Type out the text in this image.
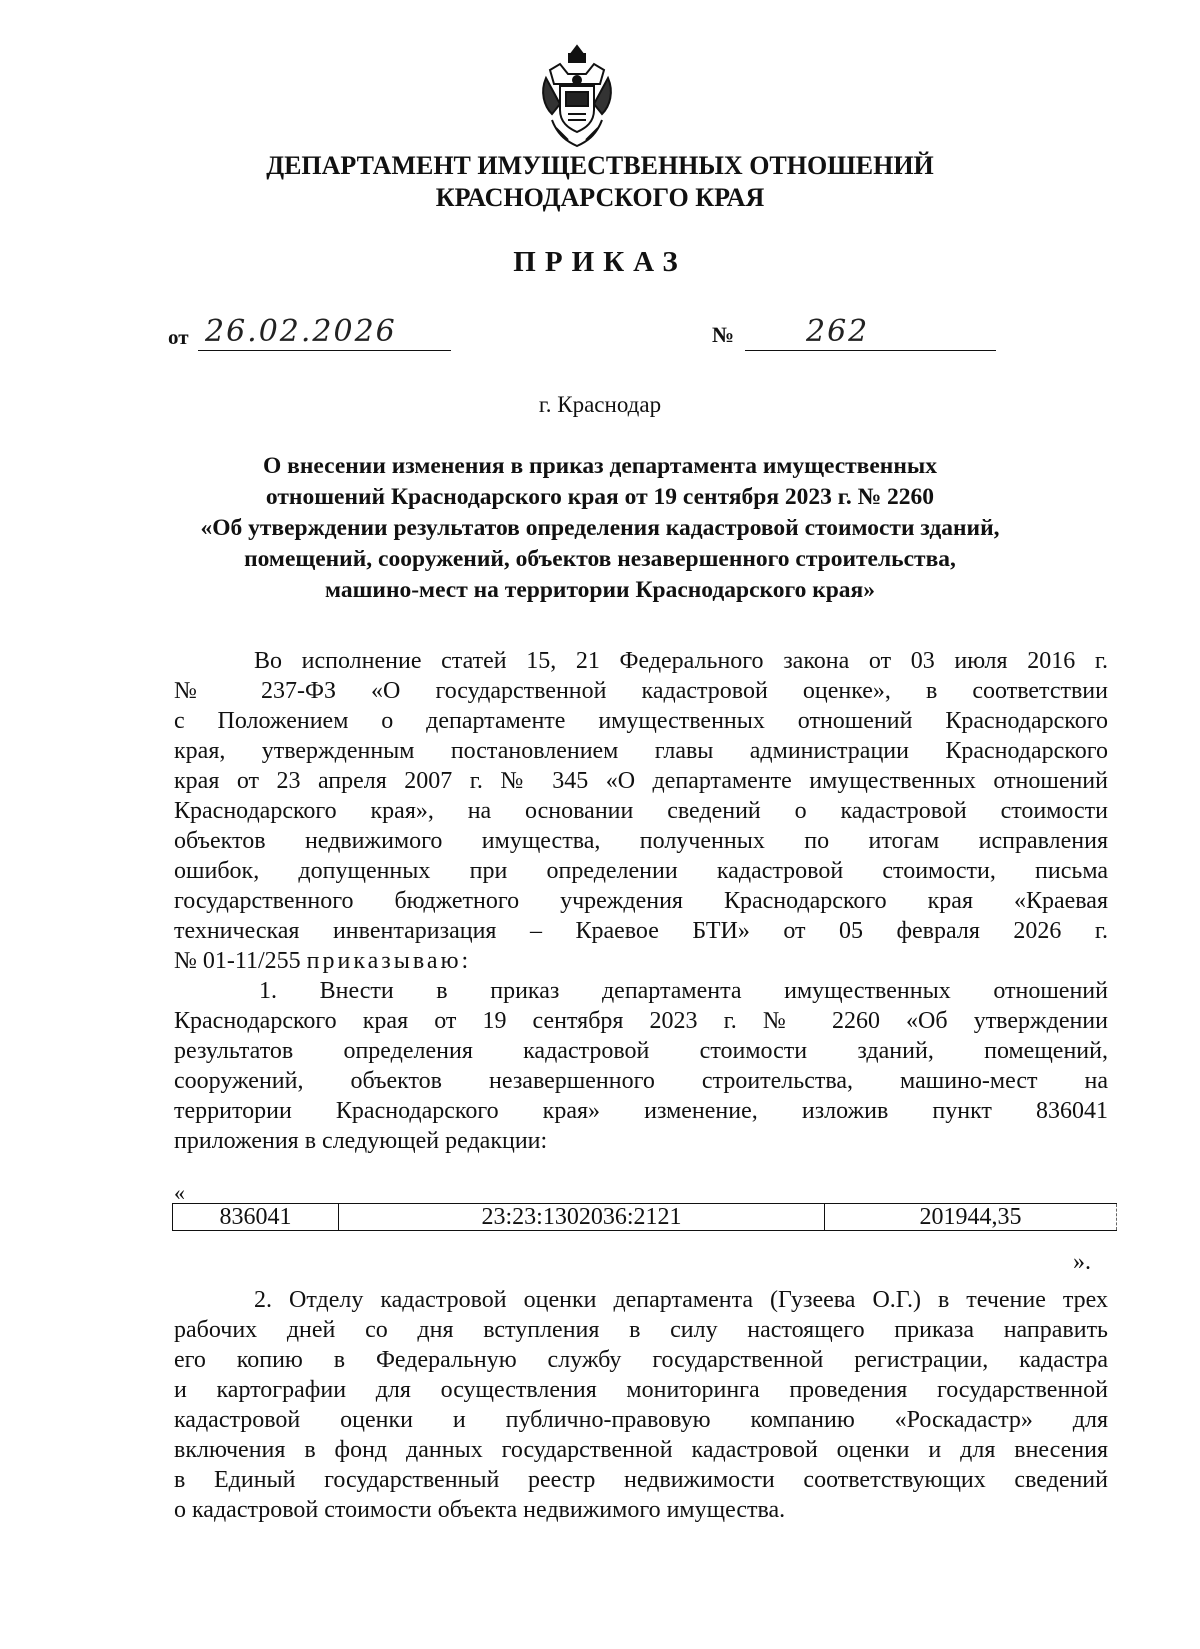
ДЕПАРТАМЕНТ ИМУЩЕСТВЕННЫХ ОТНОШЕНИЙ
КРАСНОДАРСКОГО КРАЯ
ПРИКАЗ
от 26.02.2026	№ 262
г. Краснодар
О внесении изменения в приказ департамента имущественных
отношений Краснодарского края от 19 сентября 2023 г. № 2260
«Об утверждении результатов определения кадастровой стоимости зданий,
помещений, сооружений, объектов незавершенного строительства,
машино-мест на территории Краснодарского края»
Во исполнение статей 15, 21 Федерального закона от 03 июля 2016 г.
№ 237-ФЗ «О государственной кадастровой оценке», в соответствии
с Положением о департаменте имущественных отношений Краснодарского
края, утвержденным постановлением главы администрации Краснодарского
края от 23 апреля 2007 г. № 345 «О департаменте имущественных отношений
Краснодарского края», на основании сведений о кадастровой стоимости
объектов недвижимого имущества, полученных по итогам исправления
ошибок, допущенных при определении кадастровой стоимости, письма
государственного бюджетного учреждения Краснодарского края «Краевая
техническая инвентаризация – Краевое БТИ» от 05 февраля 2026 г.
№ 01-11/255 приказываю:
1. Внести в приказ департамента имущественных отношений
Краснодарского края от 19 сентября 2023 г. № 2260 «Об утверждении
результатов определения кадастровой стоимости зданий, помещений,
сооружений, объектов незавершенного строительства, машино-мест на
территории Краснодарского края» изменение, изложив пункт 836041
приложения в следующей редакции:
«
836041	23:23:1302036:2121	201944,35
».
2. Отделу кадастровой оценки департамента (Гузеева О.Г.) в течение трех
рабочих дней со дня вступления в силу настоящего приказа направить
его копию в Федеральную службу государственной регистрации, кадастра
и картографии для осуществления мониторинга проведения государственной
кадастровой оценки и публично-правовую компанию «Роскадастр» для
включения в фонд данных государственной кадастровой оценки и для внесения
в Единый государственный реестр недвижимости соответствующих сведений
о кадастровой стоимости объекта недвижимого имущества.
